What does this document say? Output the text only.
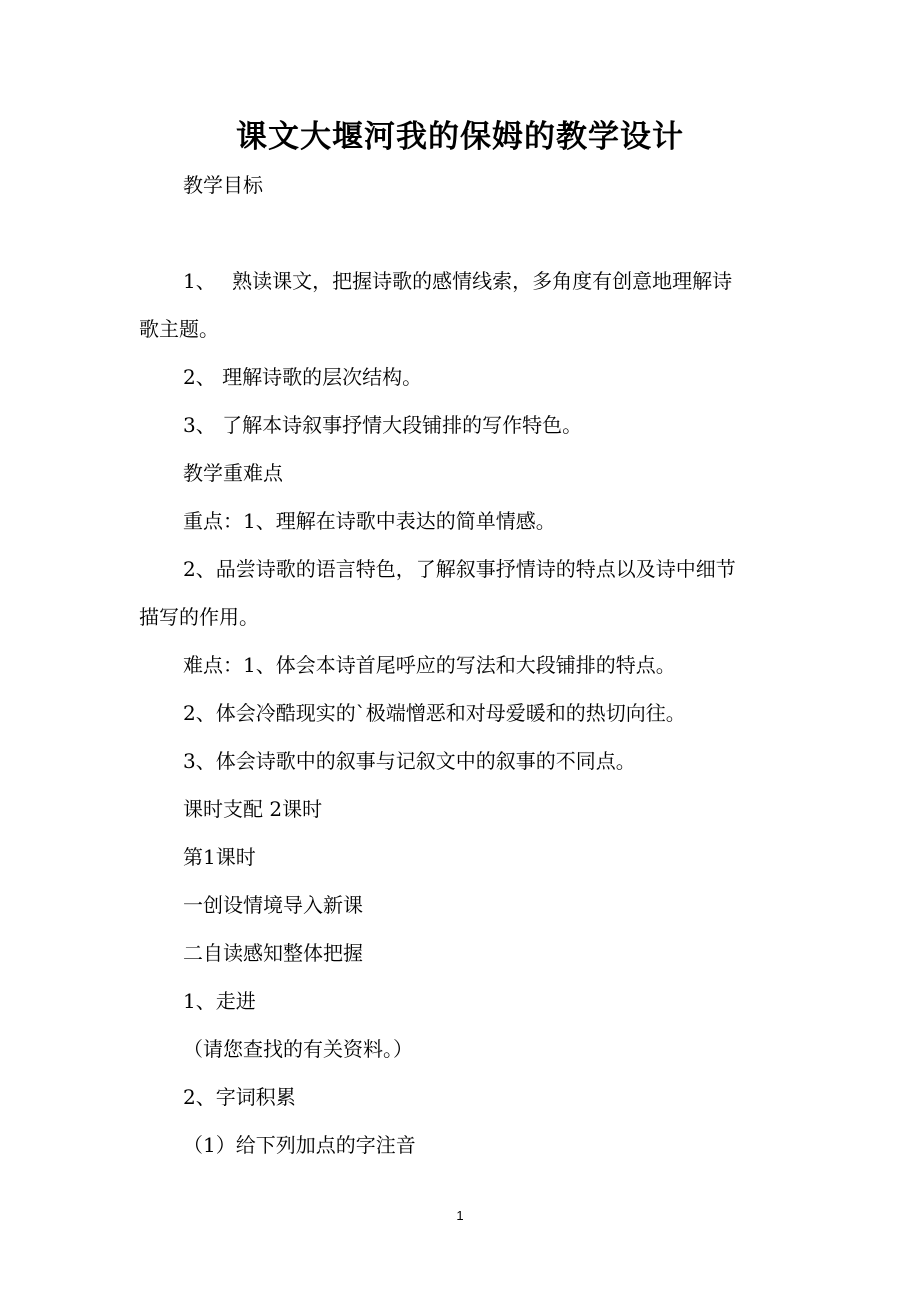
课文大堰河我的保姆的教学设计
教学目标
1、　 熟读课文，把握诗歌的感情线索，多角度有创意地理解诗
歌主题。
2、 理解诗歌的层次结构。
3、 了解本诗叙事抒情大段铺排的写作特色。
教学重难点
重点：1、理解在诗歌中表达的简单情感。
2、品尝诗歌的语言特色，了解叙事抒情诗的特点以及诗中细节
描写的作用。
难点：1、体会本诗首尾呼应的写法和大段铺排的特点。
2、体会冷酷现实的`极端憎恶和对母爱暖和的热切向往。
3、体会诗歌中的叙事与记叙文中的叙事的不同点。
课时支配 2课时
第1课时
一创设情境导入新课
二自读感知整体把握
1、走进
（请您查找的有关资料。）
2、字词积累
（1）给下列加点的字注音
1
